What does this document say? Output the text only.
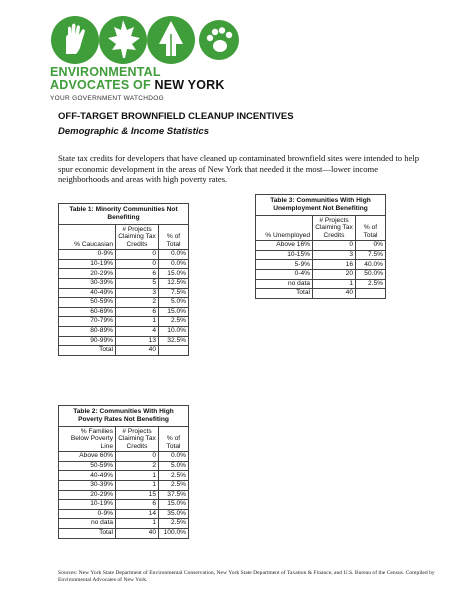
ENVIRONMENTAL
ADVOCATES OF NEW YORK
YOUR GOVERNMENT WATCHDOG
OFF-TARGET BROWNFIELD CLEANUP INCENTIVES
Demographic & Income Statistics
State tax credits for developers that have cleaned up contaminated brownfield sites were intended to help spur economic development in the areas of New York that needed it the most—lower income neighborhoods and areas with high poverty rates.
Table 1: Minority Communities Not Benefiting		
% Caucasian	# Projects Claiming Tax Credits	% of Total
0-9%	0	0.0%
10-19%	0	0.0%
20-29%	6	15.0%
30-39%	5	12.5%
40-49%	3	7.5%
50-59%	2	5.0%
60-69%	6	15.0%
70-79%	1	2.5%
80-89%	4	10.0%
90-99%	13	32.5%
Total	40	
Table 2: Communities With High Poverty Rates Not Benefiting		
% Families Below Poverty Line	# Projects Claiming Tax Credits	% of Total
Above 60%	0	0.0%
50-59%	2	5.0%
40-49%	1	2.5%
30-39%	1	2.5%
20-29%	15	37.5%
10-19%	6	15.0%
0-9%	14	35.0%
no data	1	2.5%
Total	40	100.0%
Table 3: Communities With High Unemployment Not Benefiting		
% Unemployed	# Projects Claiming Tax Credits	% of Total
Above 16%	0	0%
10-15%	3	7.5%
5-9%	16	40.0%
0-4%	20	50.0%
no data	1	2.5%
Total	40	
Sources: New York State Department of Environmental Conservation, New York State Department of Taxation & Finance, and U.S. Bureau of the Census. Compiled by Environmental Advocates of New York.
